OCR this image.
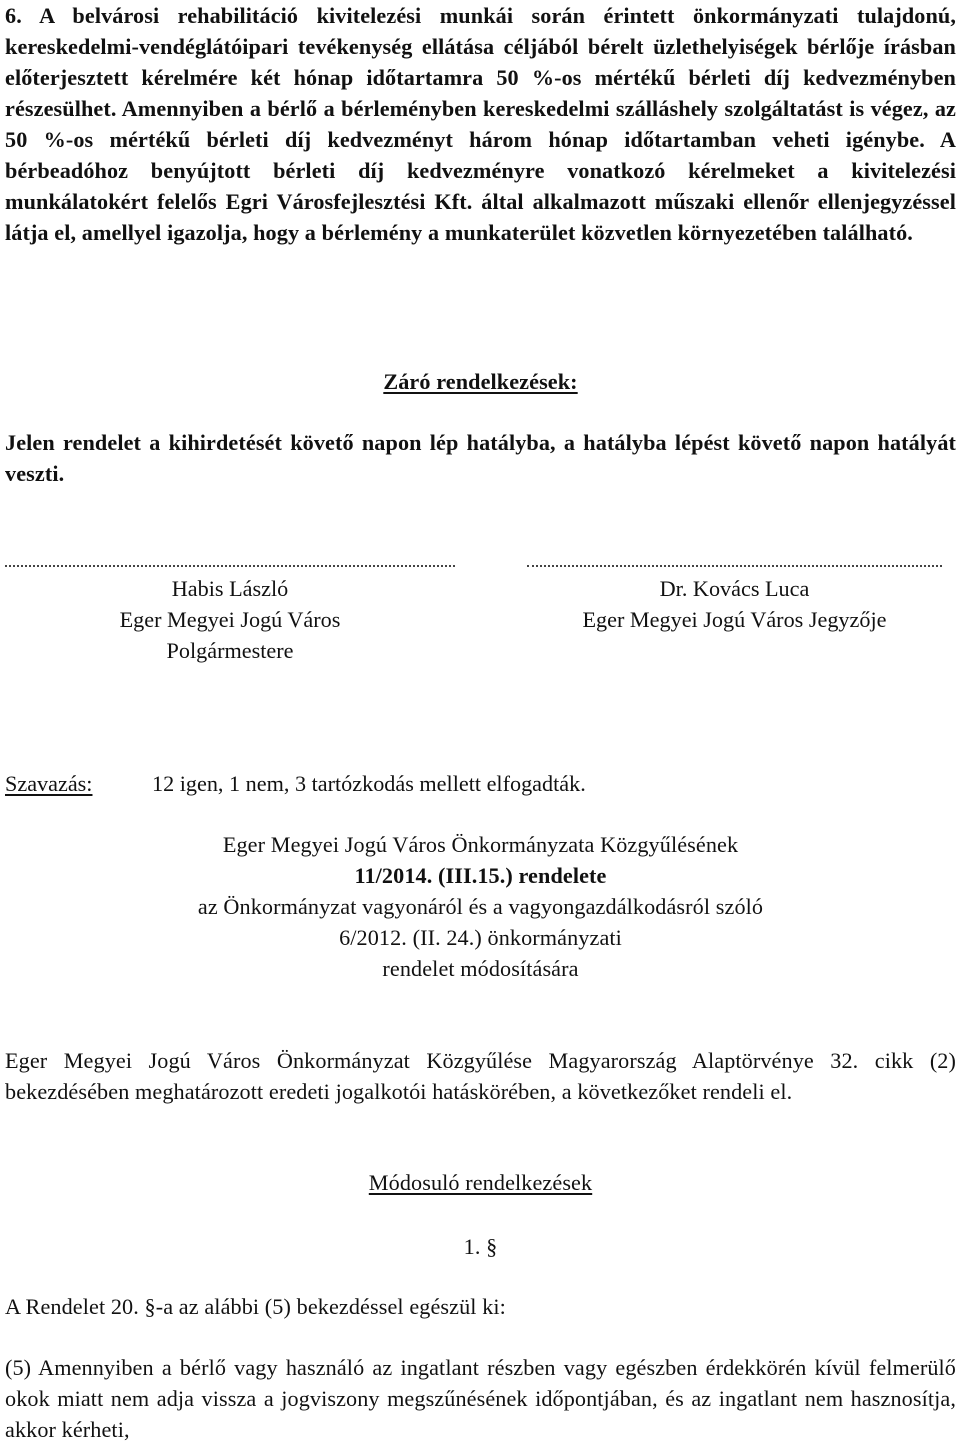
6. A belvárosi rehabilitáció kivitelezési munkái során érintett önkormányzati tulajdonú, kereskedelmi-vendéglátóipari tevékenység ellátása céljából bérelt üzlethelyiségek bérlője írásban előterjesztett kérelmére két hónap időtartamra 50 %-os mértékű bérleti díj kedvezményben részesülhet. Amennyiben a bérlő a bérleményben kereskedelmi szálláshely szolgáltatást is végez, az 50 %-os mértékű bérleti díj kedvezményt három hónap időtartamban veheti igénybe. A bérbeadóhoz benyújtott bérleti díj kedvezményre vonatkozó kérelmeket a kivitelezési munkálatokért felelős Egri Városfejlesztési Kft. által alkalmazott műszaki ellenőr ellenjegyzéssel látja el, amellyel igazolja, hogy a bérlemény a munkaterület közvetlen környezetében található.

Záró rendelkezések:

Jelen rendelet a kihirdetését követő napon lép hatályba, a hatályba lépést követő napon hatályát veszti.

Habis László
Eger Megyei Jogú Város
Polgármestere
Dr. Kovács Luca
Eger Megyei Jogú Város Jegyzője
Szavazás:	12 igen, 1 nem, 3 tartózkodás mellett elfogadták.
Eger Megyei Jogú Város Önkormányzata Közgyűlésének
11/2014. (III.15.) rendelete
az Önkormányzat vagyonáról és a vagyongazdálkodásról szóló
6/2012. (II. 24.) önkormányzati
rendelet módosítására

Eger Megyei Jogú Város Önkormányzat Közgyűlése Magyarország Alaptörvénye 32. cikk (2) bekezdésében meghatározott eredeti jogalkotói hatáskörében, a következőket rendeli el.

Módosuló rendelkezések

1. §

A Rendelet 20. §-a az alábbi (5) bekezdéssel egészül ki:

(5) Amennyiben a bérlő vagy használó az ingatlant részben vagy egészben érdekkörén kívül felmerülő okok miatt nem adja vissza a jogviszony megszűnésének időpontjában, és az ingatlant nem hasznosítja, akkor kérheti,
